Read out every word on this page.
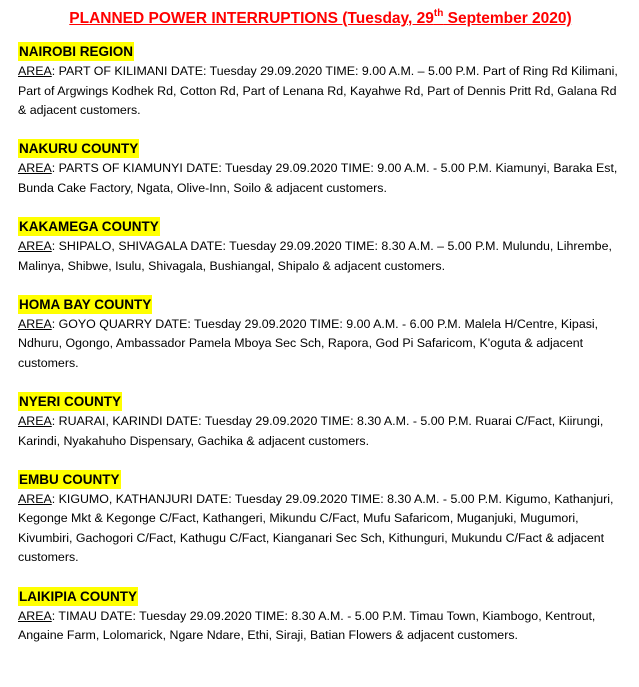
PLANNED POWER INTERRUPTIONS (Tuesday, 29th September 2020)
NAIROBI REGION
AREA: PART OF KILIMANI DATE: Tuesday 29.09.2020 TIME: 9.00 A.M. – 5.00 P.M. Part of Ring Rd Kilimani, Part of Argwings Kodhek Rd, Cotton Rd, Part of Lenana Rd, Kayahwe Rd, Part of Dennis Pritt Rd, Galana Rd & adjacent customers.
NAKURU COUNTY
AREA: PARTS OF KIAMUNYI DATE: Tuesday 29.09.2020 TIME: 9.00 A.M. - 5.00 P.M. Kiamunyi, Baraka Est, Bunda Cake Factory, Ngata, Olive-Inn, Soilo & adjacent customers.
KAKAMEGA COUNTY
AREA: SHIPALO, SHIVAGALA DATE: Tuesday 29.09.2020 TIME: 8.30 A.M. – 5.00 P.M. Mulundu, Lihrembe, Malinya, Shibwe, Isulu, Shivagala, Bushiangal, Shipalo & adjacent customers.
HOMA BAY COUNTY
AREA: GOYO QUARRY DATE: Tuesday 29.09.2020 TIME: 9.00 A.M. - 6.00 P.M. Malela H/Centre, Kipasi, Ndhuru, Ogongo, Ambassador Pamela Mboya Sec Sch, Rapora, God Pi Safaricom, K'oguta & adjacent customers.
NYERI COUNTY
AREA: RUARAI, KARINDI DATE: Tuesday 29.09.2020 TIME: 8.30 A.M. - 5.00 P.M. Ruarai C/Fact, Kiirungi, Karindi, Nyakahuho Dispensary, Gachika & adjacent customers.
EMBU COUNTY
AREA: KIGUMO, KATHANJURI DATE: Tuesday 29.09.2020 TIME: 8.30 A.M. - 5.00 P.M. Kigumo, Kathanjuri, Kegonge Mkt & Kegonge C/Fact, Kathangeri, Mikundu C/Fact, Mufu Safaricom, Muganjuki, Mugumori, Kivumbiri, Gachogori C/Fact, Kathugu C/Fact, Kianganari Sec Sch, Kithunguri, Mukundu C/Fact & adjacent customers.
LAIKIPIA COUNTY
AREA: TIMAU DATE: Tuesday 29.09.2020 TIME: 8.30 A.M. - 5.00 P.M. Timau Town, Kiambogo, Kentrout, Angaine Farm, Lolomarick, Ngare Ndare, Ethi, Siraji, Batian Flowers & adjacent customers.
